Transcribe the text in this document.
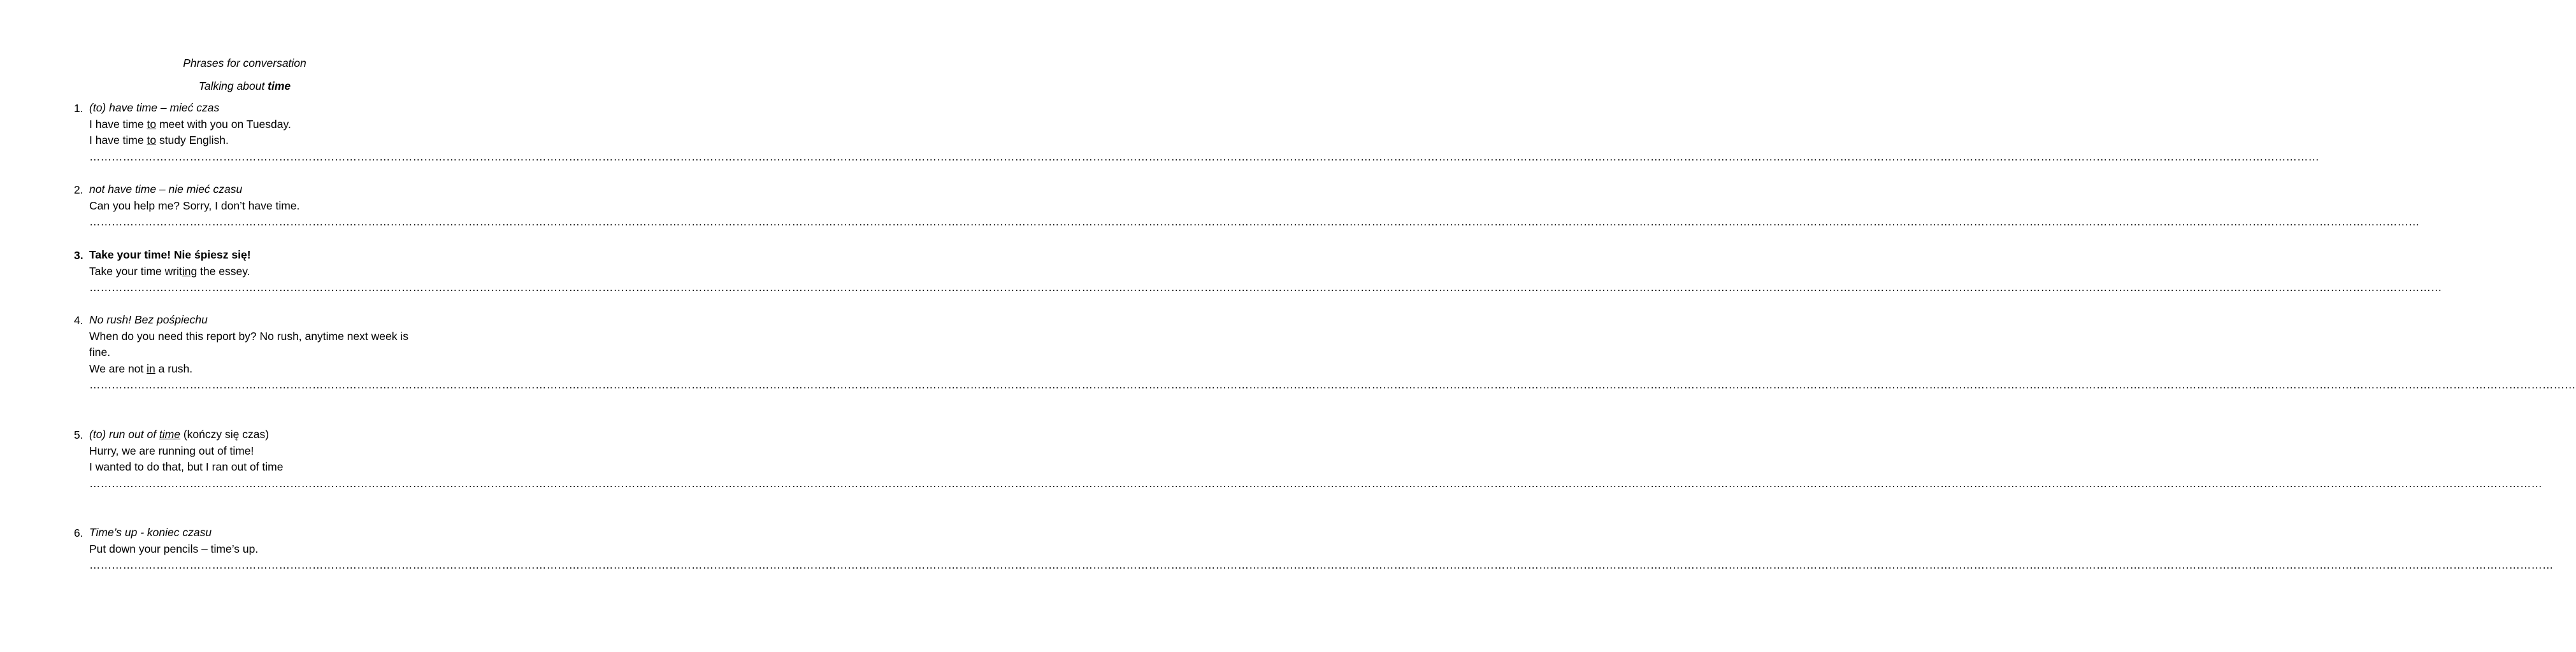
Phrases for conversation
Talking about time
1. (to) have time – mieć czas
I have time to meet with you on Tuesday.
I have time to study English.
……………………………………………………………………………………………………………………………………………………………………………………………………………………………………………………………………………………………………………………………………………………………………………………………………………………………………………………………………………………………………………………………………………………
2. not have time – nie mieć czasu
Can you help me? Sorry, I don’t have time.
……………………………………………………………………………………………………………………………………………………………………………………………………………………………………………………………………………………………………………………………………………………………………………………………………………………………………………………………………………………………………………………………………………………………………………
3. Take your time! Nie śpiesz się!
Take your time writing the essey.
…………………………………………………………………………………………………………………………………………………………………………………………………………………………………………………………………………………………………………………………………………………………………………………………………………………………………………………………………………………………………………………………………………………………………………………
4. No rush! Bez pośpiechu
When do you need this report by? No rush, anytime next week is fine.
We are not in a rush.
…………………………………………………………………………………………………………………………………………………………………………………………………………………………………………………………………………………………………………………………………………………………………………………………………………………………………………………………………………………………………………………………………………………………………………………………………………………
5. (to) run out of time (kończy się czas)
Hurry, we are running out of time!
I wanted to do that, but I ran out of time
…………………………………………………………………………………………………………………………………………………………………………………………………………………………………………………………………………………………………………………………………………………………………………………………………………………………………………………………………………………………………………………………………………………………………………………………………………
6. Time’s up - koniec czasu
Put down your pencils – time’s up.
……………………………………………………………………………………………………………………………………………………………………………………………………………………………………………………………………………………………………………………………………………………………………………………………………………………………………………………………………………………………………………………………………………………………………………………………………………
